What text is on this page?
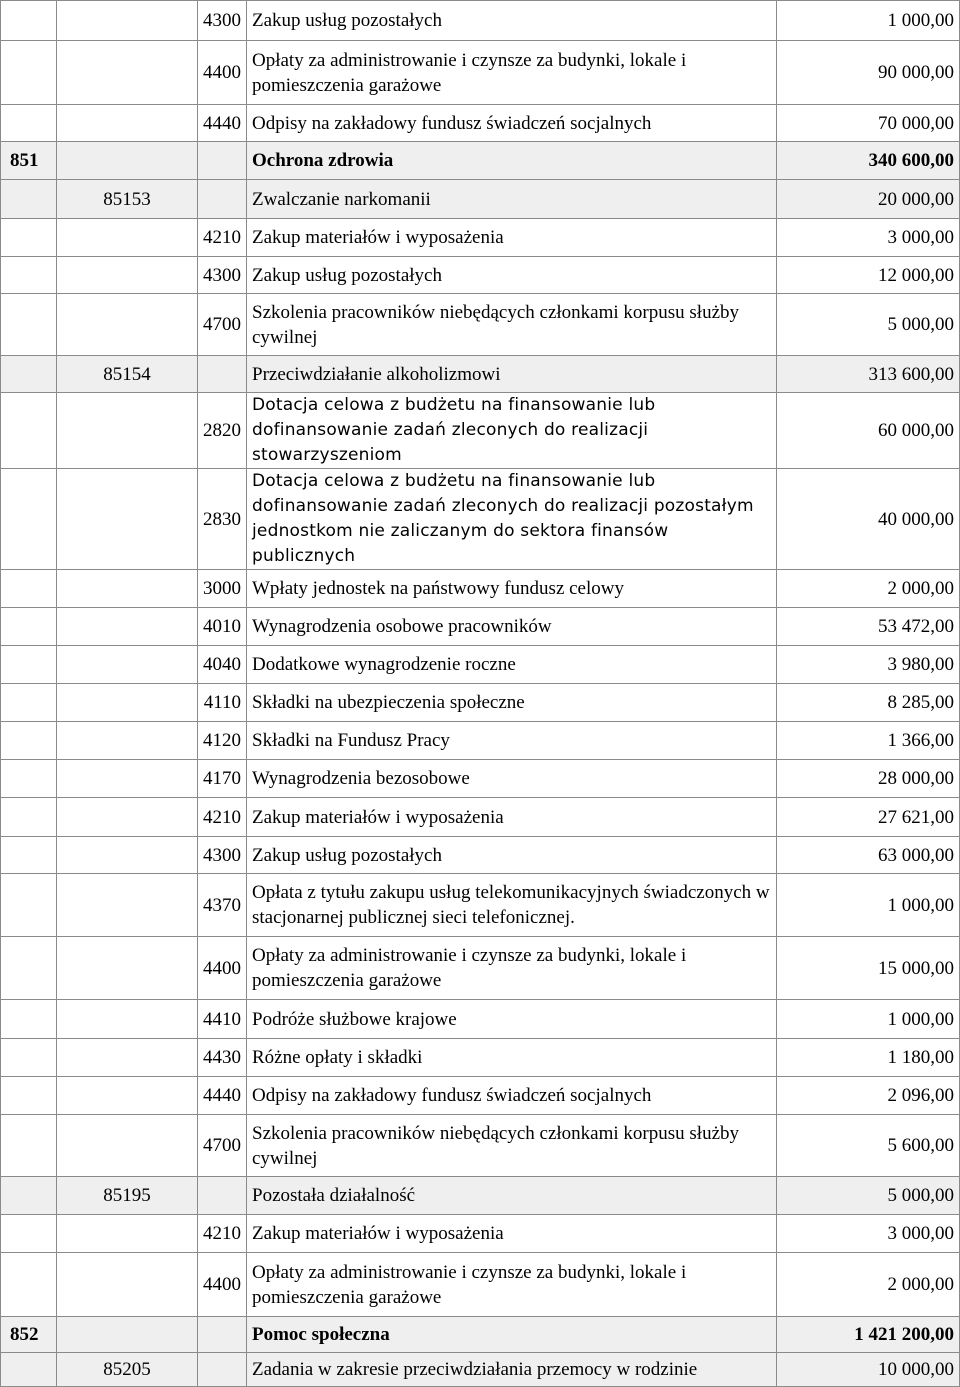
		4300	Zakup usług pozostałych	1 000,00
		4400	Opłaty za administrowanie i czynsze za budynki, lokale i pomieszczenia garażowe	90 000,00
		4440	Odpisy na zakładowy fundusz świadczeń socjalnych	70 000,00
851			Ochrona zdrowia	340 600,00
	85153		Zwalczanie narkomanii	20 000,00
		4210	Zakup materiałów i wyposażenia	3 000,00
		4300	Zakup usług pozostałych	12 000,00
		4700	Szkolenia pracowników niebędących członkami korpusu służby cywilnej	5 000,00
	85154		Przeciwdziałanie alkoholizmowi	313 600,00
		2820	Dotacja celowa z budżetu na finansowanie lub dofinansowanie zadań zleconych do realizacji stowarzyszeniom	60 000,00
		2830	Dotacja celowa z budżetu na finansowanie lub dofinansowanie zadań zleconych do realizacji pozostałym jednostkom nie zaliczanym do sektora finansów publicznych	40 000,00
		3000	Wpłaty jednostek na państwowy fundusz celowy	2 000,00
		4010	Wynagrodzenia osobowe pracowników	53 472,00
		4040	Dodatkowe wynagrodzenie roczne	3 980,00
		4110	Składki na ubezpieczenia społeczne	8 285,00
		4120	Składki na Fundusz Pracy	1 366,00
		4170	Wynagrodzenia bezosobowe	28 000,00
		4210	Zakup materiałów i wyposażenia	27 621,00
		4300	Zakup usług pozostałych	63 000,00
		4370	Opłata z tytułu zakupu usług telekomunikacyjnych świadczonych w stacjonarnej publicznej sieci telefonicznej.	1 000,00
		4400	Opłaty za administrowanie i czynsze za budynki, lokale i pomieszczenia garażowe	15 000,00
		4410	Podróże służbowe krajowe	1 000,00
		4430	Różne opłaty i składki	1 180,00
		4440	Odpisy na zakładowy fundusz świadczeń socjalnych	2 096,00
		4700	Szkolenia pracowników niebędących członkami korpusu służby cywilnej	5 600,00
	85195		Pozostała działalność	5 000,00
		4210	Zakup materiałów i wyposażenia	3 000,00
		4400	Opłaty za administrowanie i czynsze za budynki, lokale i pomieszczenia garażowe	2 000,00
852			Pomoc społeczna	1 421 200,00
	85205		Zadania w zakresie przeciwdziałania przemocy w rodzinie	10 000,00
